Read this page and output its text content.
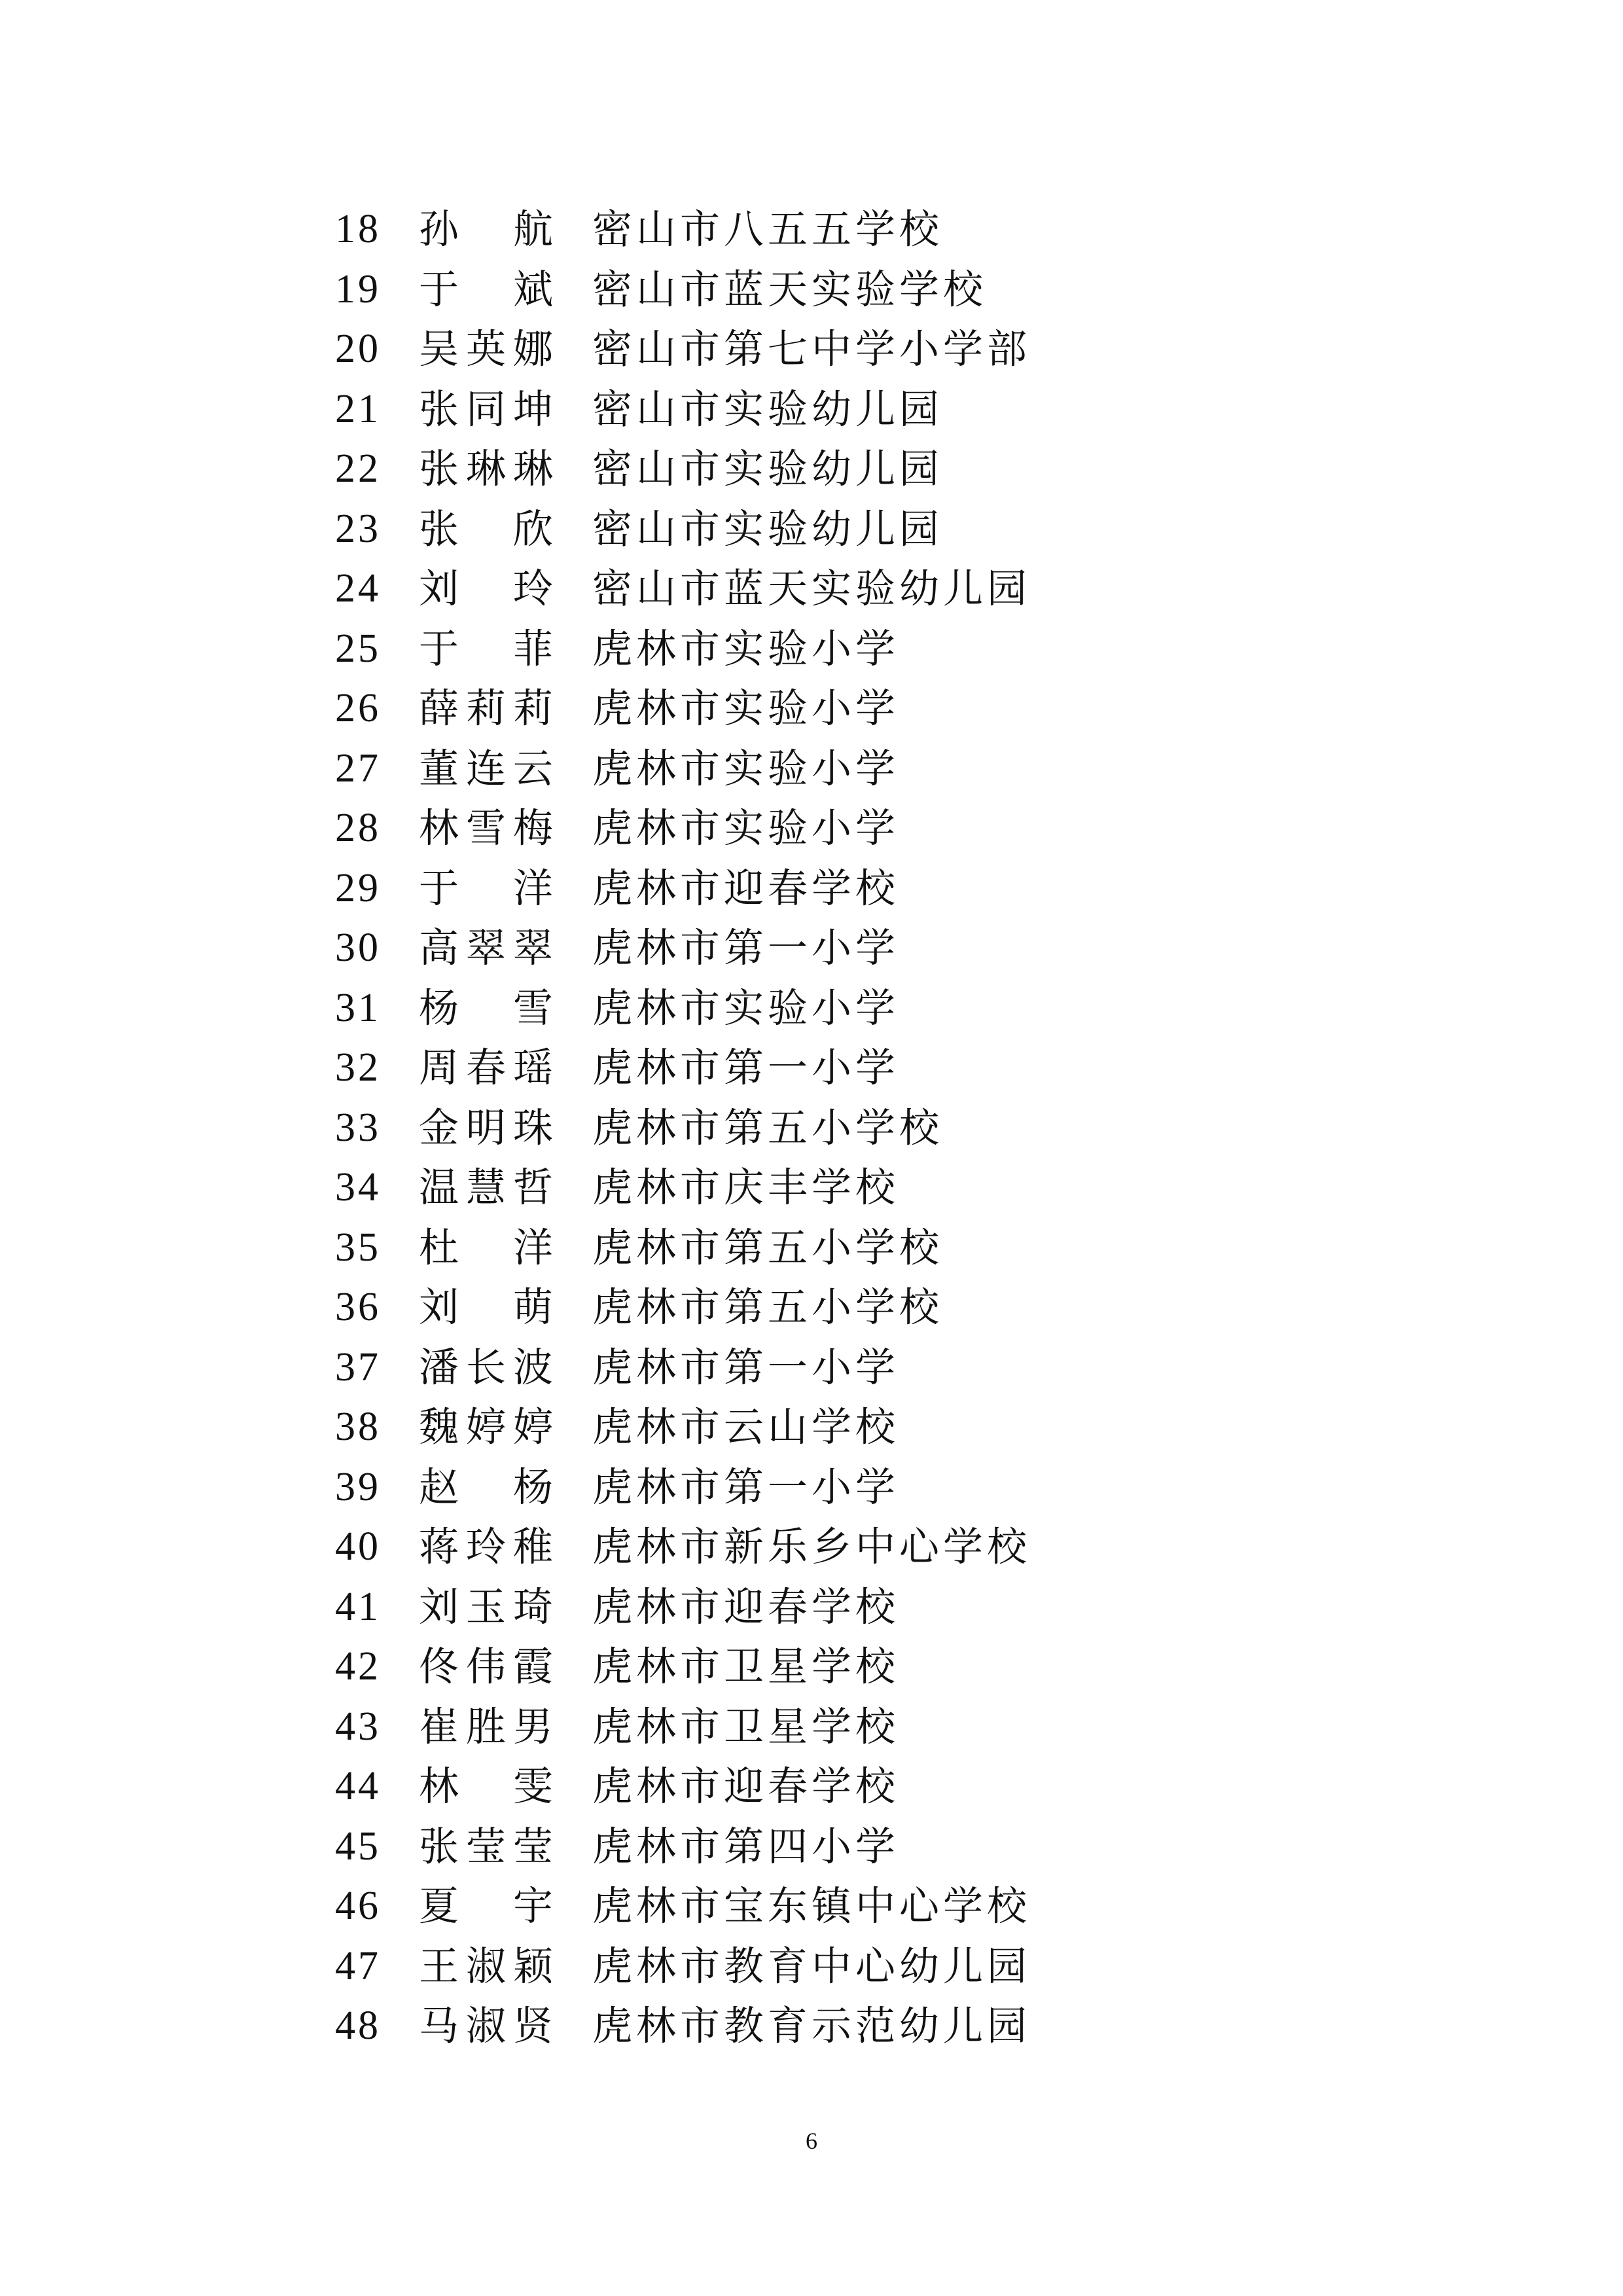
18 孙 航 密山市八五五学校
19 于 斌 密山市蓝天实验学校
20 吴 英 娜 密山市第七中学小学部
21 张 同 坤 密山市实验幼儿园
22 张 琳 琳 密山市实验幼儿园
23 张 欣 密山市实验幼儿园
24 刘 玲 密山市蓝天实验幼儿园
25 于 菲 虎林市实验小学
26 薛 莉 莉 虎林市实验小学
27 董 连 云 虎林市实验小学
28 林 雪 梅 虎林市实验小学
29 于 洋 虎林市迎春学校
30 高 翠 翠 虎林市第一小学
31 杨 雪 虎林市实验小学
32 周 春 瑶 虎林市第一小学
33 金 明 珠 虎林市第五小学校
34 温 慧 哲 虎林市庆丰学校
35 杜 洋 虎林市第五小学校
36 刘 萌 虎林市第五小学校
37 潘 长 波 虎林市第一小学
38 魏 婷 婷 虎林市云山学校
39 赵 杨 虎林市第一小学
40 蒋 玲 稚 虎林市新乐乡中心学校
41 刘 玉 琦 虎林市迎春学校
42 佟 伟 霞 虎林市卫星学校
43 崔 胜 男 虎林市卫星学校
44 林 雯 虎林市迎春学校
45 张 莹 莹 虎林市第四小学
46 夏 宇 虎林市宝东镇中心学校
47 王 淑 颖 虎林市教育中心幼儿园
48 马 淑 贤 虎林市教育示范幼儿园
6
